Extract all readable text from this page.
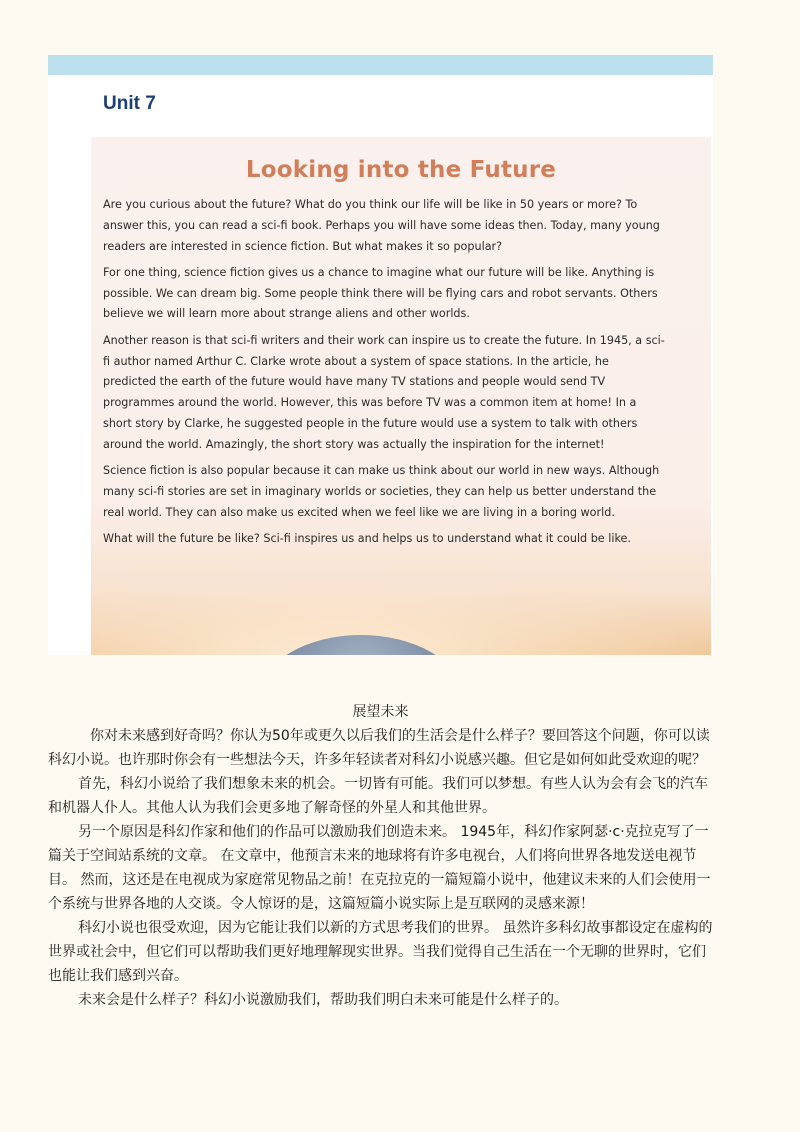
Unit 7
Looking into the Future

Are you curious about the future? What do you think our life will be like in 50 years or more? To answer this, you can read a sci-fi book. Perhaps you will have some ideas then. Today, many young readers are interested in science fiction. But what makes it so popular?

For one thing, science fiction gives us a chance to imagine what our future will be like. Anything is possible. We can dream big. Some people think there will be flying cars and robot servants. Others believe we will learn more about strange aliens and other worlds.

Another reason is that sci-fi writers and their work can inspire us to create the future. In 1945, a sci-fi author named Arthur C. Clarke wrote about a system of space stations. In the article, he predicted the earth of the future would have many TV stations and people would send TV programmes around the world. However, this was before TV was a common item at home! In a short story by Clarke, he suggested people in the future would use a system to talk with others around the world. Amazingly, the short story was actually the inspiration for the internet!

Science fiction is also popular because it can make us think about our world in new ways. Although many sci-fi stories are set in imaginary worlds or societies, they can help us better understand the real world. They can also make us excited when we feel like we are living in a boring world.

What will the future be like? Sci-fi inspires us and helps us to understand what it could be like.

展望未来

你对未来感到好奇吗？你认为50年或更久以后我们的生活会是什么样子？要回答这个问题，你可以读科幻小说。也许那时你会有一些想法今天，许多年轻读者对科幻小说感兴趣。但它是如何如此受欢迎的呢？

首先，科幻小说给了我们想象未来的机会。一切皆有可能。我们可以梦想。有些人认为会有会飞的汽车和机器人仆人。其他人认为我们会更多地了解奇怪的外星人和其他世界。

另一个原因是科幻作家和他们的作品可以激励我们创造未来。 1945年，科幻作家阿瑟·c·克拉克写了一篇关于空间站系统的文章。 在文章中，他预言未来的地球将有许多电视台，人们将向世界各地发送电视节目。 然而，这还是在电视成为家庭常见物品之前！在克拉克的一篇短篇小说中，他建议未来的人们会使用一个系统与世界各地的人交谈。令人惊讶的是，这篇短篇小说实际上是互联网的灵感来源！

科幻小说也很受欢迎，因为它能让我们以新的方式思考我们的世界。 虽然许多科幻故事都设定在虚构的世界或社会中，但它们可以帮助我们更好地理解现实世界。当我们觉得自己生活在一个无聊的世界时，它们也能让我们感到兴奋。

未来会是什么样子？科幻小说激励我们，帮助我们明白未来可能是什么样子的。
